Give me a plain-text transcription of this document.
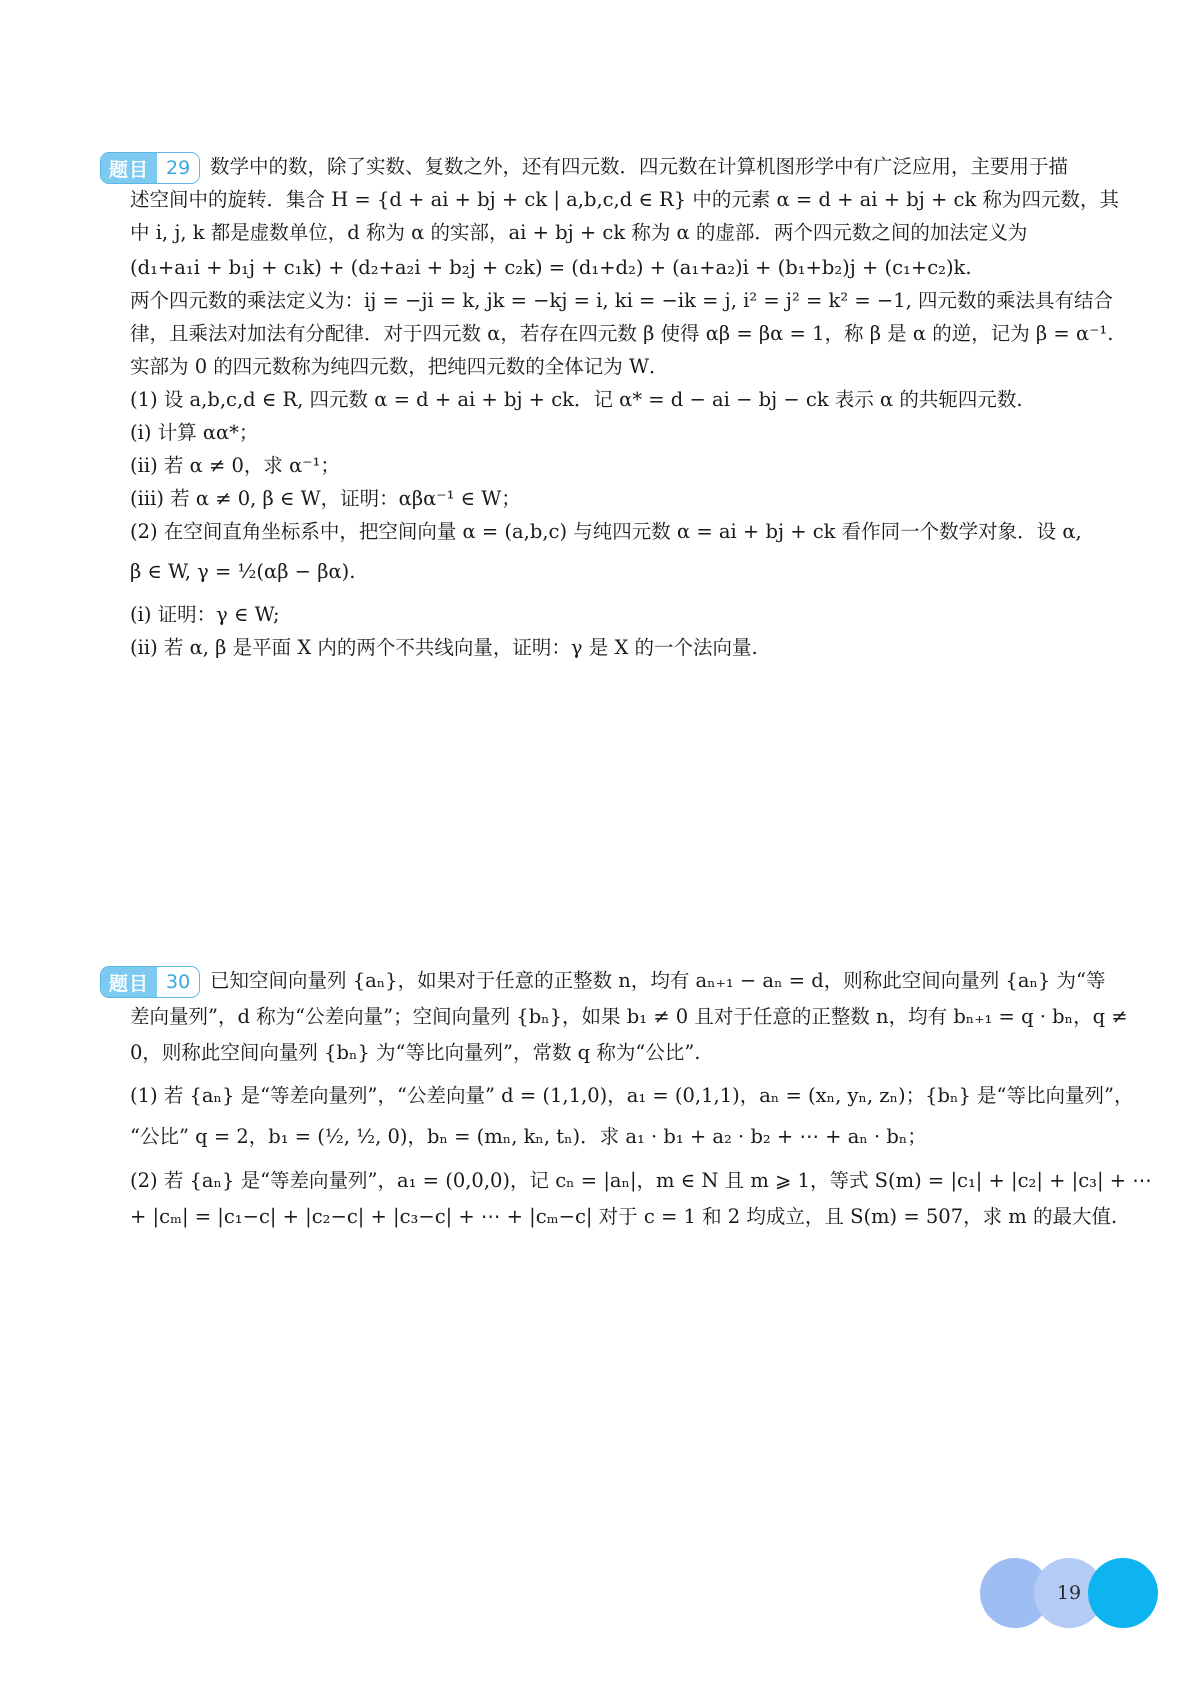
题目 29	数学中的数，除了实数、复数之外，还有四元数．四元数在计算机图形学中有广泛应用，主要用于描
述空间中的旋转．集合 H = {d + ai + bj + ck | a,b,c,d ∈ R} 中的元素 α = d + ai + bj + ck 称为四元数，其
中 i, j, k 都是虚数单位，d 称为 α 的实部，ai + bj + ck 称为 α 的虚部．两个四元数之间的加法定义为
(d₁+a₁i + b₁j + c₁k) + (d₂+a₂i + b₂j + c₂k) = (d₁+d₂) + (a₁+a₂)i + (b₁+b₂)j + (c₁+c₂)k.
两个四元数的乘法定义为：ij = −ji = k, jk = −kj = i, ki = −ik = j, i² = j² = k² = −1, 四元数的乘法具有结合
律，且乘法对加法有分配律．对于四元数 α，若存在四元数 β 使得 αβ = βα = 1，称 β 是 α 的逆，记为 β = α⁻¹.
实部为 0 的四元数称为纯四元数，把纯四元数的全体记为 W．
(1) 设 a,b,c,d ∈ R, 四元数 α = d + ai + bj + ck．记 α* = d − ai − bj − ck 表示 α 的共轭四元数.
(i) 计算 αα*；
(ii) 若 α ≠ 0，求 α⁻¹；
(iii) 若 α ≠ 0, β ∈ W，证明：αβα⁻¹ ∈ W；
(2) 在空间直角坐标系中，把空间向量 α = (a,b,c) 与纯四元数 α = ai + bj + ck 看作同一个数学对象．设 α,
β ∈ W, γ = ½(αβ − βα).
(i) 证明：γ ∈ W;
(ii) 若 α, β 是平面 X 内的两个不共线向量，证明：γ 是 X 的一个法向量.
题目 30	已知空间向量列 {aₙ}，如果对于任意的正整数 n，均有 aₙ₊₁ − aₙ = d，则称此空间向量列 {aₙ} 为“等
差向量列”，d 称为“公差向量”；空间向量列 {bₙ}，如果 b₁ ≠ 0 且对于任意的正整数 n，均有 bₙ₊₁ = q · bₙ，q ≠
0，则称此空间向量列 {bₙ} 为“等比向量列”，常数 q 称为“公比”.
(1) 若 {aₙ} 是“等差向量列”，“公差向量” d = (1,1,0)，a₁ = (0,1,1)，aₙ = (xₙ, yₙ, zₙ)；{bₙ} 是“等比向量列”，
“公比” q = 2，b₁ = (½, ½, 0)，bₙ = (mₙ, kₙ, tₙ)．求 a₁ · b₁ + a₂ · b₂ + ⋯ + aₙ · bₙ；
(2) 若 {aₙ} 是“等差向量列”，a₁ = (0,0,0)，记 cₙ = |aₙ|，m ∈ N 且 m ⩾ 1，等式 S(m) = |c₁| + |c₂| + |c₃| + ⋯
+ |cₘ| = |c₁−c| + |c₂−c| + |c₃−c| + ⋯ + |cₘ−c| 对于 c = 1 和 2 均成立，且 S(m) = 507，求 m 的最大值.
19
